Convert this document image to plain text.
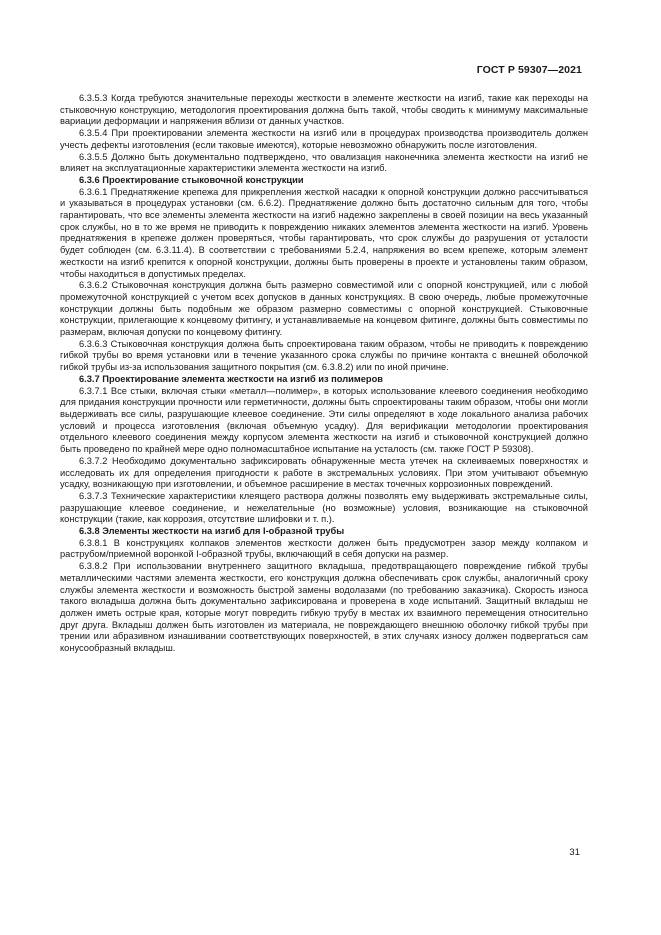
ГОСТ Р 59307—2021

6.3.5.3 Когда требуются значительные переходы жесткости в элементе жесткости на изгиб, такие как переходы на стыковочную конструкцию, методология проектирования должна быть такой, чтобы сводить к минимуму максимальные вариации деформации и напряжения вблизи от данных участков.

6.3.5.4 При проектировании элемента жесткости на изгиб или в процедурах производства производитель должен учесть дефекты изготовления (если таковые имеются), которые невозможно обнаружить после изготовления.

6.3.5.5 Должно быть документально подтверждено, что овализация наконечника элемента жесткости на изгиб не влияет на эксплуатационные характеристики элемента жесткости на изгиб.

6.3.6 Проектирование стыковочной конструкции

6.3.6.1 Преднатяжение крепежа для прикрепления жесткой насадки к опорной конструкции должно рассчитываться и указываться в процедурах установки (см. 6.6.2). Преднатяжение должно быть достаточно сильным для того, чтобы гарантировать, что все элементы элемента жесткости на изгиб надежно закреплены в своей позиции на весь указанный срок службы, но в то же время не приводить к повреждению никаких элементов элемента жесткости на изгиб. Уровень преднатяжения в крепеже должен проверяться, чтобы гарантировать, что срок службы до разрушения от усталости будет соблюден (см. 6.3.11.4). В соответствии с требованиями 5.2.4, напряжения во всем крепеже, которым элемент жесткости на изгиб крепится к опорной конструкции, должны быть проверены в проекте и установлены таким образом, чтобы находиться в допустимых пределах.

6.3.6.2 Стыковочная конструкция должна быть размерно совместимой или с опорной конструкцией, или с любой промежуточной конструкцией с учетом всех допусков в данных конструкциях. В свою очередь, любые промежуточные конструкции должны быть подобным же образом размерно совместимы с опорной конструкцией. Стыковочные конструкции, прилегающие к концевому фитингу, и устанавливаемые на концевом фитинге, должны быть совместимы по размерам, включая допуски по концевому фитингу.

6.3.6.3 Стыковочная конструкция должна быть спроектирована таким образом, чтобы не приводить к повреждению гибкой трубы во время установки или в течение указанного срока службы по причине контакта с внешней оболочкой гибкой трубы из-за использования защитного покрытия (см. 6.3.8.2) или по иной причине.

6.3.7 Проектирование элемента жесткости на изгиб из полимеров

6.3.7.1 Все стыки, включая стыки «металл—полимер», в которых использование клеевого соединения необходимо для придания конструкции прочности или герметичности, должны быть спроектированы таким образом, чтобы они могли выдерживать все силы, разрушающие клеевое соединение. Эти силы определяют в ходе локального анализа рабочих условий и процесса изготовления (включая объемную усадку). Для верификации методологии проектирования отдельного клеевого соединения между корпусом элемента жесткости на изгиб и стыковочной конструкцией должно быть проведено по крайней мере одно полномасштабное испытание на усталость (см. также ГОСТ Р 59308).

6.3.7.2 Необходимо документально зафиксировать обнаруженные места утечек на склеиваемых поверхностях и исследовать их для определения пригодности к работе в экстремальных условиях. При этом учитывают объемную усадку, возникающую при изготовлении, и объемное расширение в местах точечных коррозионных повреждений.

6.3.7.3 Технические характеристики клеящего раствора должны позволять ему выдерживать экстремальные силы, разрушающие клеевое соединение, и нежелательные (но возможные) условия, возникающие на стыковочной конструкции (такие, как коррозия, отсутствие шлифовки и т. п.).

6.3.8 Элементы жесткости на изгиб для I-образной трубы

6.3.8.1 В конструкциях колпаков элементов жесткости должен быть предусмотрен зазор между колпаком и раструбом/приемной воронкой I-образной трубы, включающий в себя допуски на размер.

6.3.8.2 При использовании внутреннего защитного вкладыша, предотвращающего повреждение гибкой трубы металлическими частями элемента жесткости, его конструкция должна обеспечивать срок службы, аналогичный сроку службы элемента жесткости и возможность быстрой замены водолазами (по требованию заказчика). Скорость износа такого вкладыша должна быть документально зафиксирована и проверена в ходе испытаний. Защитный вкладыш не должен иметь острые края, которые могут повредить гибкую трубу в местах их взаимного перемещения относительно друг друга. Вкладыш должен быть изготовлен из материала, не повреждающего внешнюю оболочку гибкой трубы при трении или абразивном изнашивании соответствующих поверхностей, в этих случаях износу должен подвергаться сам конусообразный вкладыш.

31
